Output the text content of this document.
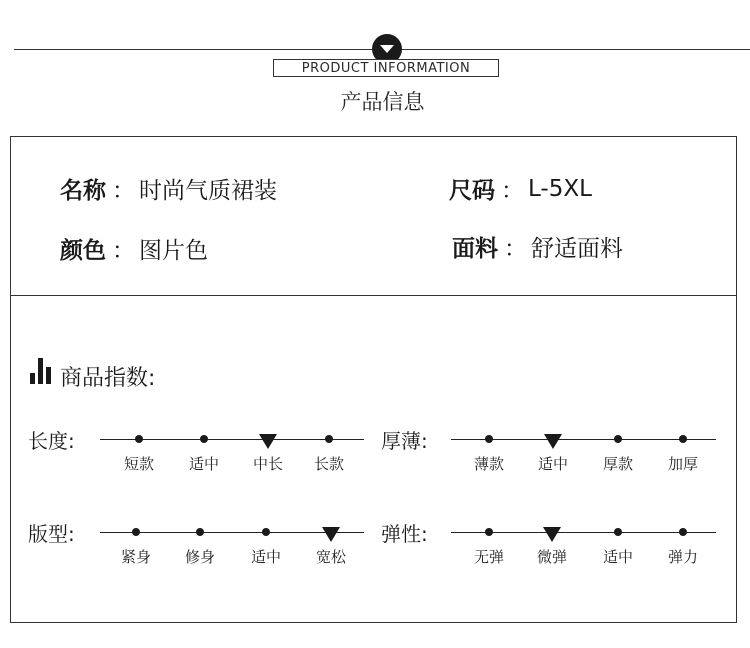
PRODUCT INFORMATION
产品信息
名称 ： 时尚气质裙装	尺码 ： L-5XL
颜色 ： 图片色	面料 ： 舒适面料
商品指数:
长度:
短款	适中	中长	长款
厚薄:
薄款	适中	厚款	加厚
版型:
紧身	修身	适中	宽松
弹性:
无弹	微弹	适中	弹力
